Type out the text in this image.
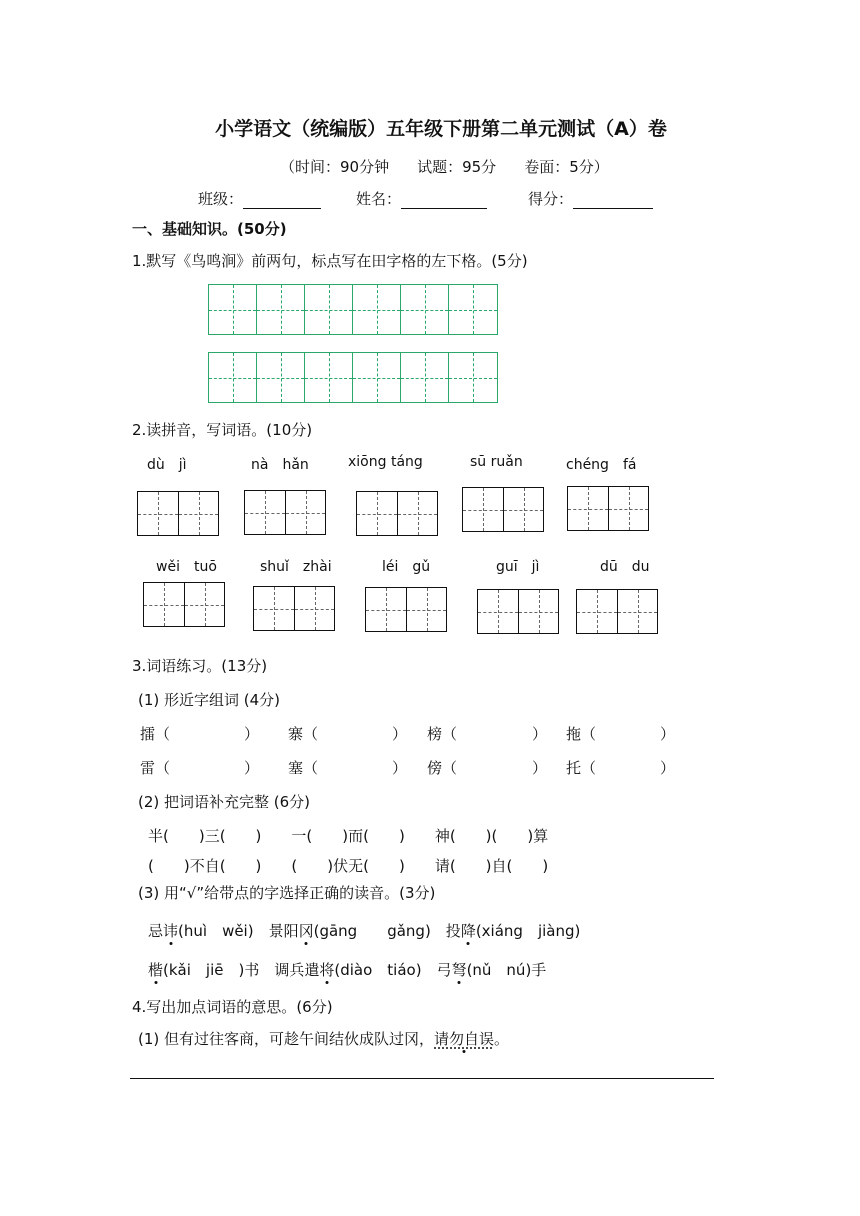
小学语文（统编版）五年级下册第二单元测试（A）卷
（时间：90分钟 试题：95分 卷面：5分）
班级：	姓名：	得分：
一、基础知识。(50分)
1.默写《鸟鸣涧》前两句，标点写在田字格的左下格。(5分)
2.读拼音，写词语。(10分)
dù　jì	nà　hǎn	xiōng táng	sū ruǎn	chéng　fá
wěi　tuō	shuǐ　zhài	léi　gǔ	guī　jì	dū　du
3.词语练习。(13分)
(1) 形近字组词 (4分)
擂（	） 寨（	） 榜（	） 拖（	）
雷（	） 塞（	） 傍（	） 托（	）
(2) 把词语补充完整 (6分)
半(　　)三(　　)　　一(　　)而(　　)　　神(　　)(　　)算
(　　)不自(　　)　　(　　)伏无(　　)　　请(　　)自(　　)
(3) 用“√”给带点的字选择正确的读音。(3分)
忌讳(huì　wěi)　景阳冈(gāng　　gǎng)　投降(xiáng　jiàng)
楷(kǎi　jiē　)书　调兵遣将(diào　tiáo)　弓弩(nǔ　nú)手
4.写出加点词语的意思。(6分)
(1) 但有过往客商，可趁午间结伙成队过冈，请勿自误。
